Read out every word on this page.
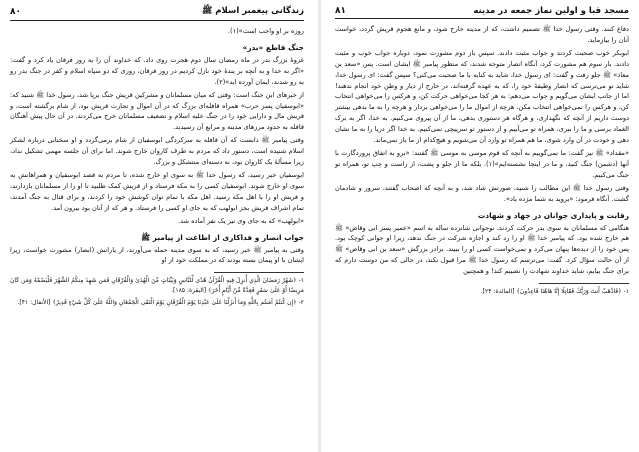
زندگانی پیغمبر اسلام ﷺ
۸۰

روزه بر او واجب است»(۱).

جنگ قاطع «بدر»

غزوهٔ بزرگ بدر در ماه رمضان سال دوم هجرت روی داد. که خداوند آن را به روز فرقان یاد کرد و گفت: «اگر به خدا و به آنچه بر بندهٔ خود نازل کردیم در روز فرقان، روزی که دو سپاه اسلام و کفر در جنگ بدر رو به رو شدند، ایمان آورده اید»(۲).

از خبرهای این جنگ است: وقتی که میان مسلمانان و مشرکین قریش جنگ برپا شد، رسول خدا ﷺ شنید که: «ابوسفیان پسر حرب» همراه قافله‌ای بزرگ که در آن اموال و تجارت قریش بود، از شام برگشته است، و قریش مال و دارایی خود را در جنگ علیه اسلام و تضعیف مسلمانان خرج می‌کردند. در آن حال پیش آهنگان قافله به حدود مرزهای مدینه و مرابع آن رسیدند.

وقتی پیامبر ﷺ دانست که آن قافله به سرکردگی ابوسفیان از شام برمی‌گردد و او سخنانی درباره لشکر اسلام شنیده است، دستور داد که مردم به طرف کاروان خارج شوند. اما برای آن جلسه مهمی تشکیل نداد، زیرا مسألهٔ یک کاروان بود، نه دسته‌ای منتشکل و بزرگ.

ابوسفیان خبر رسید، که رسول خدا ﷺ به سوی او خارج شده، تا مردم به قصد ابوسفیان و همراهانش به سوی او خارج شوند. ابوسفیان کسی را به مکه فرستاد و از قریش کمک طلبید تا او را از مسلمانان بازدارند، و قریش او را با اهل مکه رسید. اهل مکه با تمام توان کوشش خود را کردند، و برای قتال به جنگ آمدند، تمام اشراف قریش بجز ابولهب که به جای او کسی را فرستاد. و هر که از آنان بود بیرون آمد.

«ابولهب» که به جای وی نیز یک نفر آماده شد.

جواب انصار و فداکاری از اطاعت از پیامبر ﷺ

وقتی به پیامبر ﷺ خبر رسید، که به سوی مدینه حمله می‌آورند، از یارانش (انصار) مشورت خواست، زیرا ایشان با او پیمان بسته بودند که در مملکت خود از او

۱- ﴿شَهْرُ رَمَضَانَ الَّذِي أُنزِلَ فِيهِ الْقُرْآنُ هُدًى لِّلنَّاسِ وَبَيِّنَاتٍ مِّنَ الْهُدَىٰ وَالْفُرْقَانِ فَمَن شَهِدَ مِنكُمُ الشَّهْرَ فَلْيَصُمْهُ وَمَن كَانَ مَرِيضًا أَوْ عَلَىٰ سَفَرٍ فَعِدَّةٌ مِّنْ أَيَّامٍ أُخَرَ﴾ [البقرة: ۱۸۵].

۲- ﴿إِن كُنتُمْ آمَنتُم بِاللَّهِ وَمَا أَنزَلْنَا عَلَىٰ عَبْدِنَا يَوْمَ الْفُرْقَانِ يَوْمَ الْتَقَى الْجَمْعَانِ وَاللَّهُ عَلَىٰ كُلِّ شَيْءٍ قَدِيرٌ﴾ [الأنفال: ۴۱].

مسجد قبا و اولین نماز جمعه در مدینه
۸۱

دفاع کنند. وقتی رسول خدا ﷺ تصمیم داشت، که از مدینه خارج شود، و مانع هجوم قریش گردد، خواست آنان را بیازماید.

ابوبکر خوب صحبت کردند و جواب مثبت دادند. سپس بار دوم مشورت نمود، دوباره جواب خوب و مثبت دادند. بار سوم هم مشورت کرد، آنگاه انصار متوجه شدند، که منظور پیامبر ﷺ ایشان است. پس «سعد بن معاذ» ﷺ جلو رفت و گفت: ای رسول خدا، شاید به کنایه با ما صحبت می‌کنی؟ سپس گفت: ای رسول خدا، شاید تو می‌ترسی که انصار وظیفهٔ خود را، که به عهده گرفته‌اند، در خارج از دیار و وطن خود انجام ندهند! اما از جانب ایشان می‌گویم و جواب می‌دهم: به هر کجا می‌خواهی حرکت کن، و هرکس را می‌خواهی انتخاب کن، و هرکس را نمی‌خواهی انتخاب مکن. هرچه از اموال ما را می‌خواهی بردار و هرچه را به ما بدهی بیشتر دوست داریم از آنچه که نگهداری، و هرگاه هر دستوری بدهی، ما از آن پیروی می‌کنیم. به خدا، اگر به برک الغماد برسی و ما را ببری، همراه تو می‌آییم و از دستور تو سرپیچی نمی‌کنیم. به خدا اگر دریا را به ما نشان دهی و خودت در آن وارد شوی، ما هم همراه تو وارد آن می‌شویم و هیچ‌کدام از ما باز نمی‌ماند.

«مقداد» ﷺ نیز گفت: ما نمی‌گوییم به آنچه که قوم موسی به موسی ﷺ گفتند: «برو به اتفاق پروردگارت با آنها (دشمن) جنگ کنید، و ما در اینجا نشسته‌ایم»(۱). بلکه ما از جلو و پشت، از راست و چپ تو، همراه تو جنگ می‌کنیم.

وقتی رسول خدا ﷺ این مطالب را شنید، صورتش شاد شد، و به آنچه که اصحاب گفتند، سرور و شادمان گشت. آنگاه فرمود: «بروید به شما مژده باد».

رقابت و پایداری جوانان در جهاد و شهادت

هنگامی که مسلمانان به سوی بدر حرکت کردند، نوجوانی شانزده ساله به اسم «عمیر پسر ابی وقاص» ﷺ هم خارج شده بود. که پیامبر خدا ﷺ او را رد کند و اجازه شرکت در جنگ ندهد، زیرا او جوانی کوچک بود. پس خود را از دیده‌ها پنهان می‌کرد و نمی‌خواست کسی او را ببیند. برادر بزرگش «سعد بن ابی وقاص» ﷺ از آن حالت سؤال کرد. گفت: می‌ترسم که رسول خدا ﷺ مرا قبول نکند، در حالی که من دوست دارم که برای جنگ بیایم، شاید خداوند شهادت را نصیبم کند! و همچنین

۱- ﴿فَاذْهَبْ أَنتَ وَرَبُّكَ فَقَاتِلَا إِنَّا هَاهُنَا قَاعِدُونَ﴾ [المائدة: ۲۴].
